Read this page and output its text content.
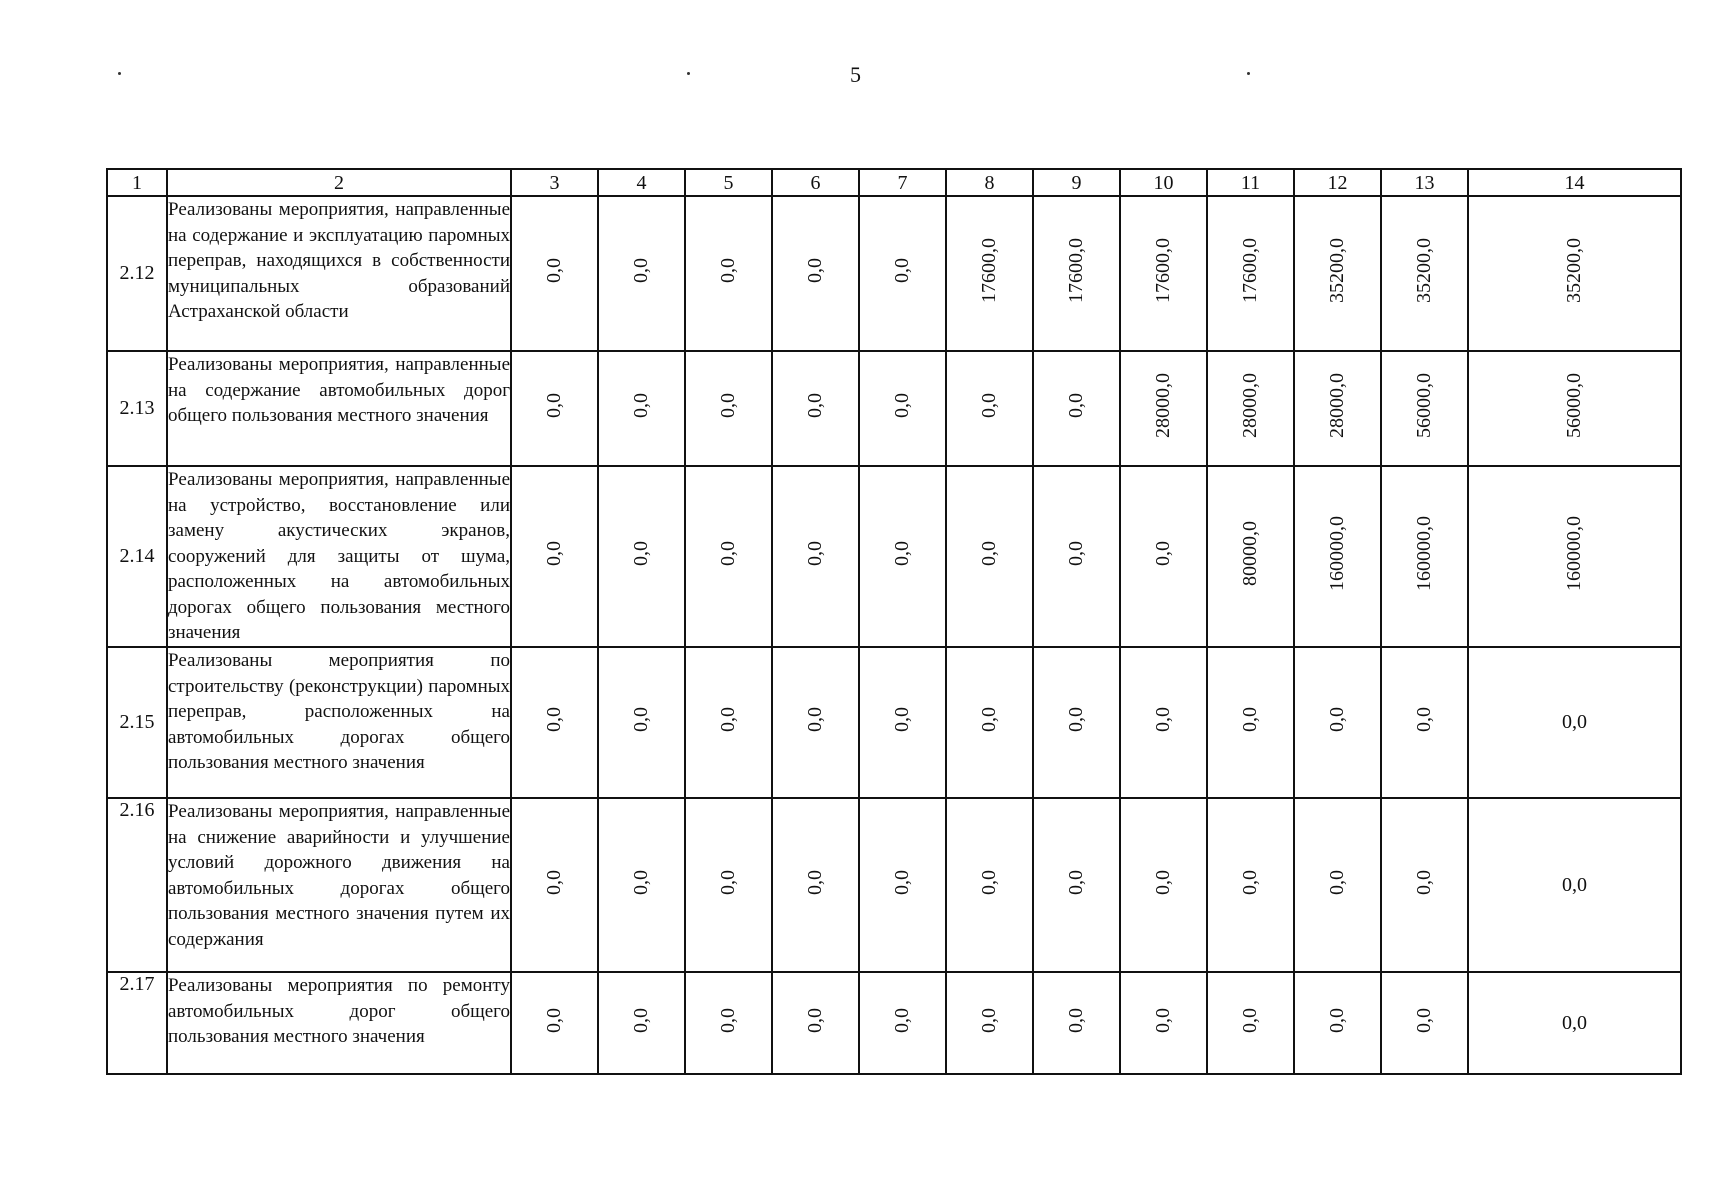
5
1	2	3	4	5	6	7	8	9	10	11	12	13	14
2.12	Реализованы мероприятия, направленные на содержание и эксплуатацию паромных переправ, находящихся в собственности муниципальных образований Астраханской области	0,0	0,0	0,0	0,0	0,0	17600,0	17600,0	17600,0	17600,0	35200,0	35200,0	35200,0
2.13	Реализованы мероприятия, направленные на содержание автомобильных дорог общего пользования местного значения	0,0	0,0	0,0	0,0	0,0	0,0	0,0	28000,0	28000,0	28000,0	56000,0	56000,0
2.14	Реализованы мероприятия, направленные на устройство, восстановление или замену акустических экранов, сооружений для защиты от шума, расположенных на автомобильных дорогах общего пользования местного значения	0,0	0,0	0,0	0,0	0,0	0,0	0,0	0,0	80000,0	160000,0	160000,0	160000,0
2.15	Реализованы мероприятия по строительству (реконструкции) паромных переправ, расположенных на автомобильных дорогах общего пользования местного значения	0,0	0,0	0,0	0,0	0,0	0,0	0,0	0,0	0,0	0,0	0,0	0,0
2.16	Реализованы мероприятия, направленные на снижение аварийности и улучшение условий дорожного движения на автомобильных дорогах общего пользования местного значения путем их содержания	0,0	0,0	0,0	0,0	0,0	0,0	0,0	0,0	0,0	0,0	0,0	0,0
2.17	Реализованы мероприятия по ремонту автомобильных дорог общего пользования местного значения	0,0	0,0	0,0	0,0	0,0	0,0	0,0	0,0	0,0	0,0	0,0	0,0
